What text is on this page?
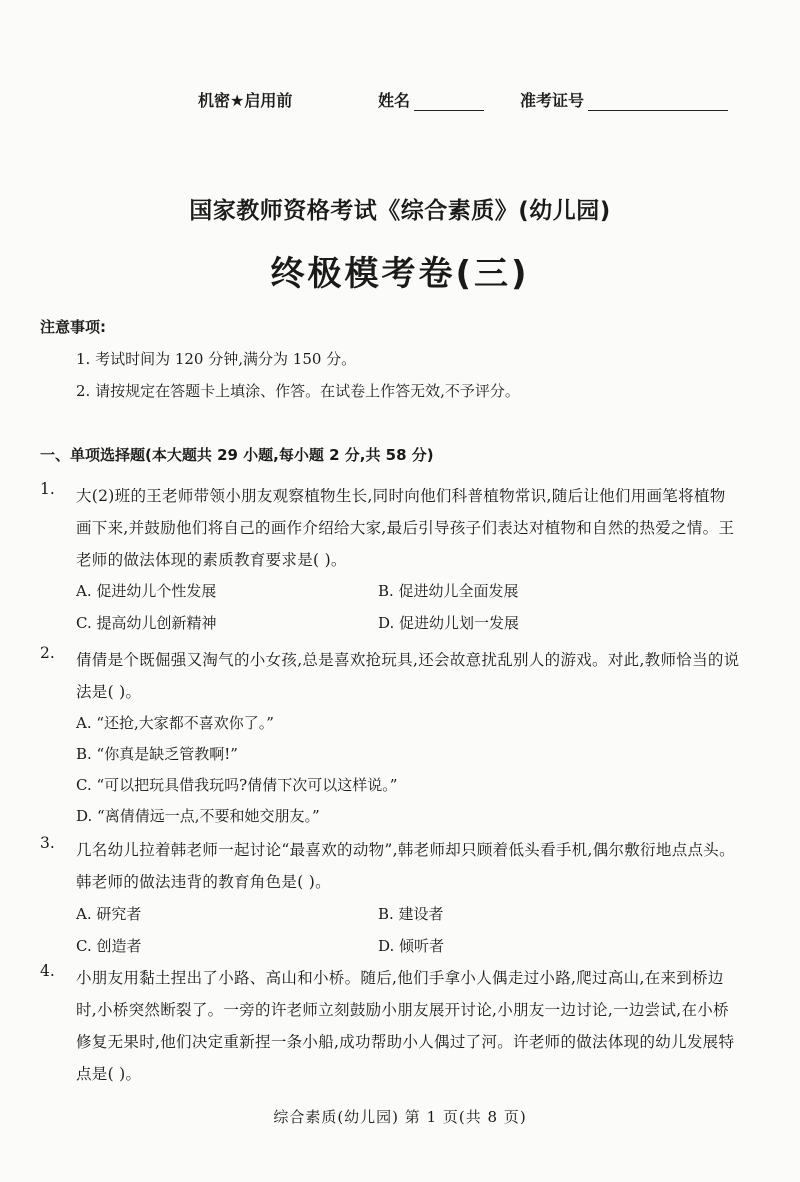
机密★启用前	姓名	准考证号
国家教师资格考试《综合素质》(幼儿园)
终极模考卷(三)
注意事项:
1. 考试时间为 120 分钟,满分为 150 分。
2. 请按规定在答题卡上填涂、作答。在试卷上作答无效,不予评分。
一、单项选择题(本大题共 29 小题,每小题 2 分,共 58 分)
1. 大(2)班的王老师带领小朋友观察植物生长,同时向他们科普植物常识,随后让他们用画笔将植物画下来,并鼓励他们将自己的画作介绍给大家,最后引导孩子们表达对植物和自然的热爱之情。王老师的做法体现的素质教育要求是( )。
A. 促进幼儿个性发展	B. 促进幼儿全面发展
C. 提高幼儿创新精神	D. 促进幼儿划一发展
2. 倩倩是个既倔强又淘气的小女孩,总是喜欢抢玩具,还会故意扰乱别人的游戏。对此,教师恰当的说法是( )。
A. “还抢,大家都不喜欢你了。”
B. “你真是缺乏管教啊!”
C. “可以把玩具借我玩吗?倩倩下次可以这样说。”
D. “离倩倩远一点,不要和她交朋友。”
3. 几名幼儿拉着韩老师一起讨论“最喜欢的动物”,韩老师却只顾着低头看手机,偶尔敷衍地点点头。韩老师的做法违背的教育角色是( )。
A. 研究者	B. 建设者
C. 创造者	D. 倾听者
4. 小朋友用黏土捏出了小路、高山和小桥。随后,他们手拿小人偶走过小路,爬过高山,在来到桥边时,小桥突然断裂了。一旁的许老师立刻鼓励小朋友展开讨论,小朋友一边讨论,一边尝试,在小桥修复无果时,他们决定重新捏一条小船,成功帮助小人偶过了河。许老师的做法体现的幼儿发展特点是( )。
综合素质(幼儿园) 第 1 页(共 8 页)
